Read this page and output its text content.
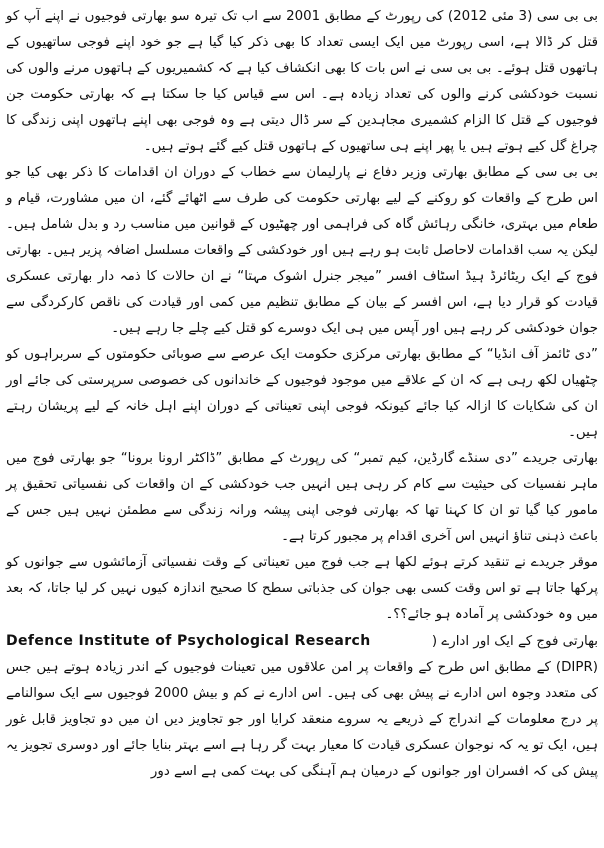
بی بی سی (3 مئی 2012) کی رپورٹ کے مطابق 2001 سے اب تک تیرہ سو بھارتی فوجیوں نے اپنے آپ کو قتل کر ڈالا ہے، اسی رپورٹ میں ایک ایسی تعداد کا بھی ذکر کیا گیا ہے جو خود اپنے فوجی ساتھیوں کے ہاتھوں قتل ہوئے۔ بی بی سی نے اس بات کا بھی انکشاف کیا ہے کہ کشمیریوں کے ہاتھوں مرنے والوں کی نسبت خودکشی کرنے والوں کی تعداد زیادہ ہے۔ اس سے قیاس کیا جا سکتا ہے کہ بھارتی حکومت جن فوجیوں کے قتل کا الزام کشمیری مجاہدین کے سر ڈال دیتی ہے وہ فوجی بھی اپنے ہاتھوں اپنی زندگی کا چراغ گل کیے ہوتے ہیں یا پھر اپنے ہی ساتھیوں کے ہاتھوں قتل کیے گئے ہوتے ہیں۔

بی بی سی کے مطابق بھارتی وزیر دفاع نے پارلیمان سے خطاب کے دوران ان اقدامات کا ذکر بھی کیا جو اس طرح کے واقعات کو روکنے کے لیے بھارتی حکومت کی طرف سے اٹھائے گئے، ان میں مشاورت، قیام و طعام میں بہتری، خانگی رہائش گاہ کی فراہمی اور چھٹیوں کے قوانین میں مناسب رد و بدل شامل ہیں۔ لیکن یہ سب اقدامات لاحاصل ثابت ہو رہے ہیں اور خودکشی کے واقعات مسلسل اضافہ پزیر ہیں۔ بھارتی فوج کے ایک ریٹائرڈ ہیڈ اسٹاف افسر ”میجر جنرل اشوک مہتا“ نے ان حالات کا ذمہ دار بھارتی عسکری قیادت کو قرار دیا ہے، اس افسر کے بیان کے مطابق تنظیم میں کمی اور قیادت کی ناقص کارکردگی سے جوان خودکشی کر رہے ہیں اور آپس میں ہی ایک دوسرے کو قتل کیے چلے جا رہے ہیں۔

”دی ٹائمز آف انڈیا“ کے مطابق بھارتی مرکزی حکومت ایک عرصے سے صوبائی حکومتوں کے سربراہوں کو چٹھیاں لکھ رہی ہے کہ ان کے علاقے میں موجود فوجیوں کے خاندانوں کی خصوصی سرپرستی کی جائے اور ان کی شکایات کا ازالہ کیا جائے کیونکہ فوجی اپنی تعیناتی کے دوران اپنے اہل خانہ کے لیے پریشان رہتے ہیں۔

بھارتی جریدے ”دی سنڈے گارڈین، کیم تمبر“ کی رپورٹ کے مطابق ”ڈاکٹر ارونا برونا“ جو بھارتی فوج میں ماہر نفسیات کی حیثیت سے کام کر رہی ہیں انہیں جب خودکشی کے ان واقعات کی نفسیاتی تحقیق پر مامور کیا گیا تو ان کا کہنا تھا کہ بھارتی فوجی اپنی پیشہ ورانہ زندگی سے مطمئن نہیں ہیں جس کے باعث ذہنی تناؤ انہیں اس آخری اقدام پر مجبور کرتا ہے۔

موقر جریدے نے تنقید کرتے ہوئے لکھا ہے جب فوج میں تعیناتی کے وقت نفسیاتی آزمائشوں سے جوانوں کو پرکھا جاتا ہے تو اس وقت کسی بھی جوان کی جذباتی سطح کا صحیح اندازہ کیوں نہیں کر لیا جاتا، کہ بعد میں وہ خودکشی پر آمادہ ہو جائے؟؟۔

Defence Institute of Psychological Research	بھارتی فوج کے ایک اور ادارے (

(DIPR) کے مطابق اس طرح کے واقعات پر امن علاقوں میں تعینات فوجیوں کے اندر زیادہ ہوتے ہیں جس کی متعدد وجوہ اس ادارے نے پیش بھی کی ہیں۔ اس ادارے نے کم و بیش 2000 فوجیوں سے ایک سوالنامے پر درج معلومات کے اندراج کے ذریعے یہ سروے منعقد کرایا اور جو تجاویز دیں ان میں دو تجاویز قابل غور ہیں، ایک تو یہ کہ نوجوان عسکری قیادت کا معیار بہت گر رہا ہے اسے بہتر بنایا جائے اور دوسری تجویز یہ پیش کی کہ افسران اور جوانوں کے درمیان ہم آہنگی کی بہت کمی ہے اسے دور
